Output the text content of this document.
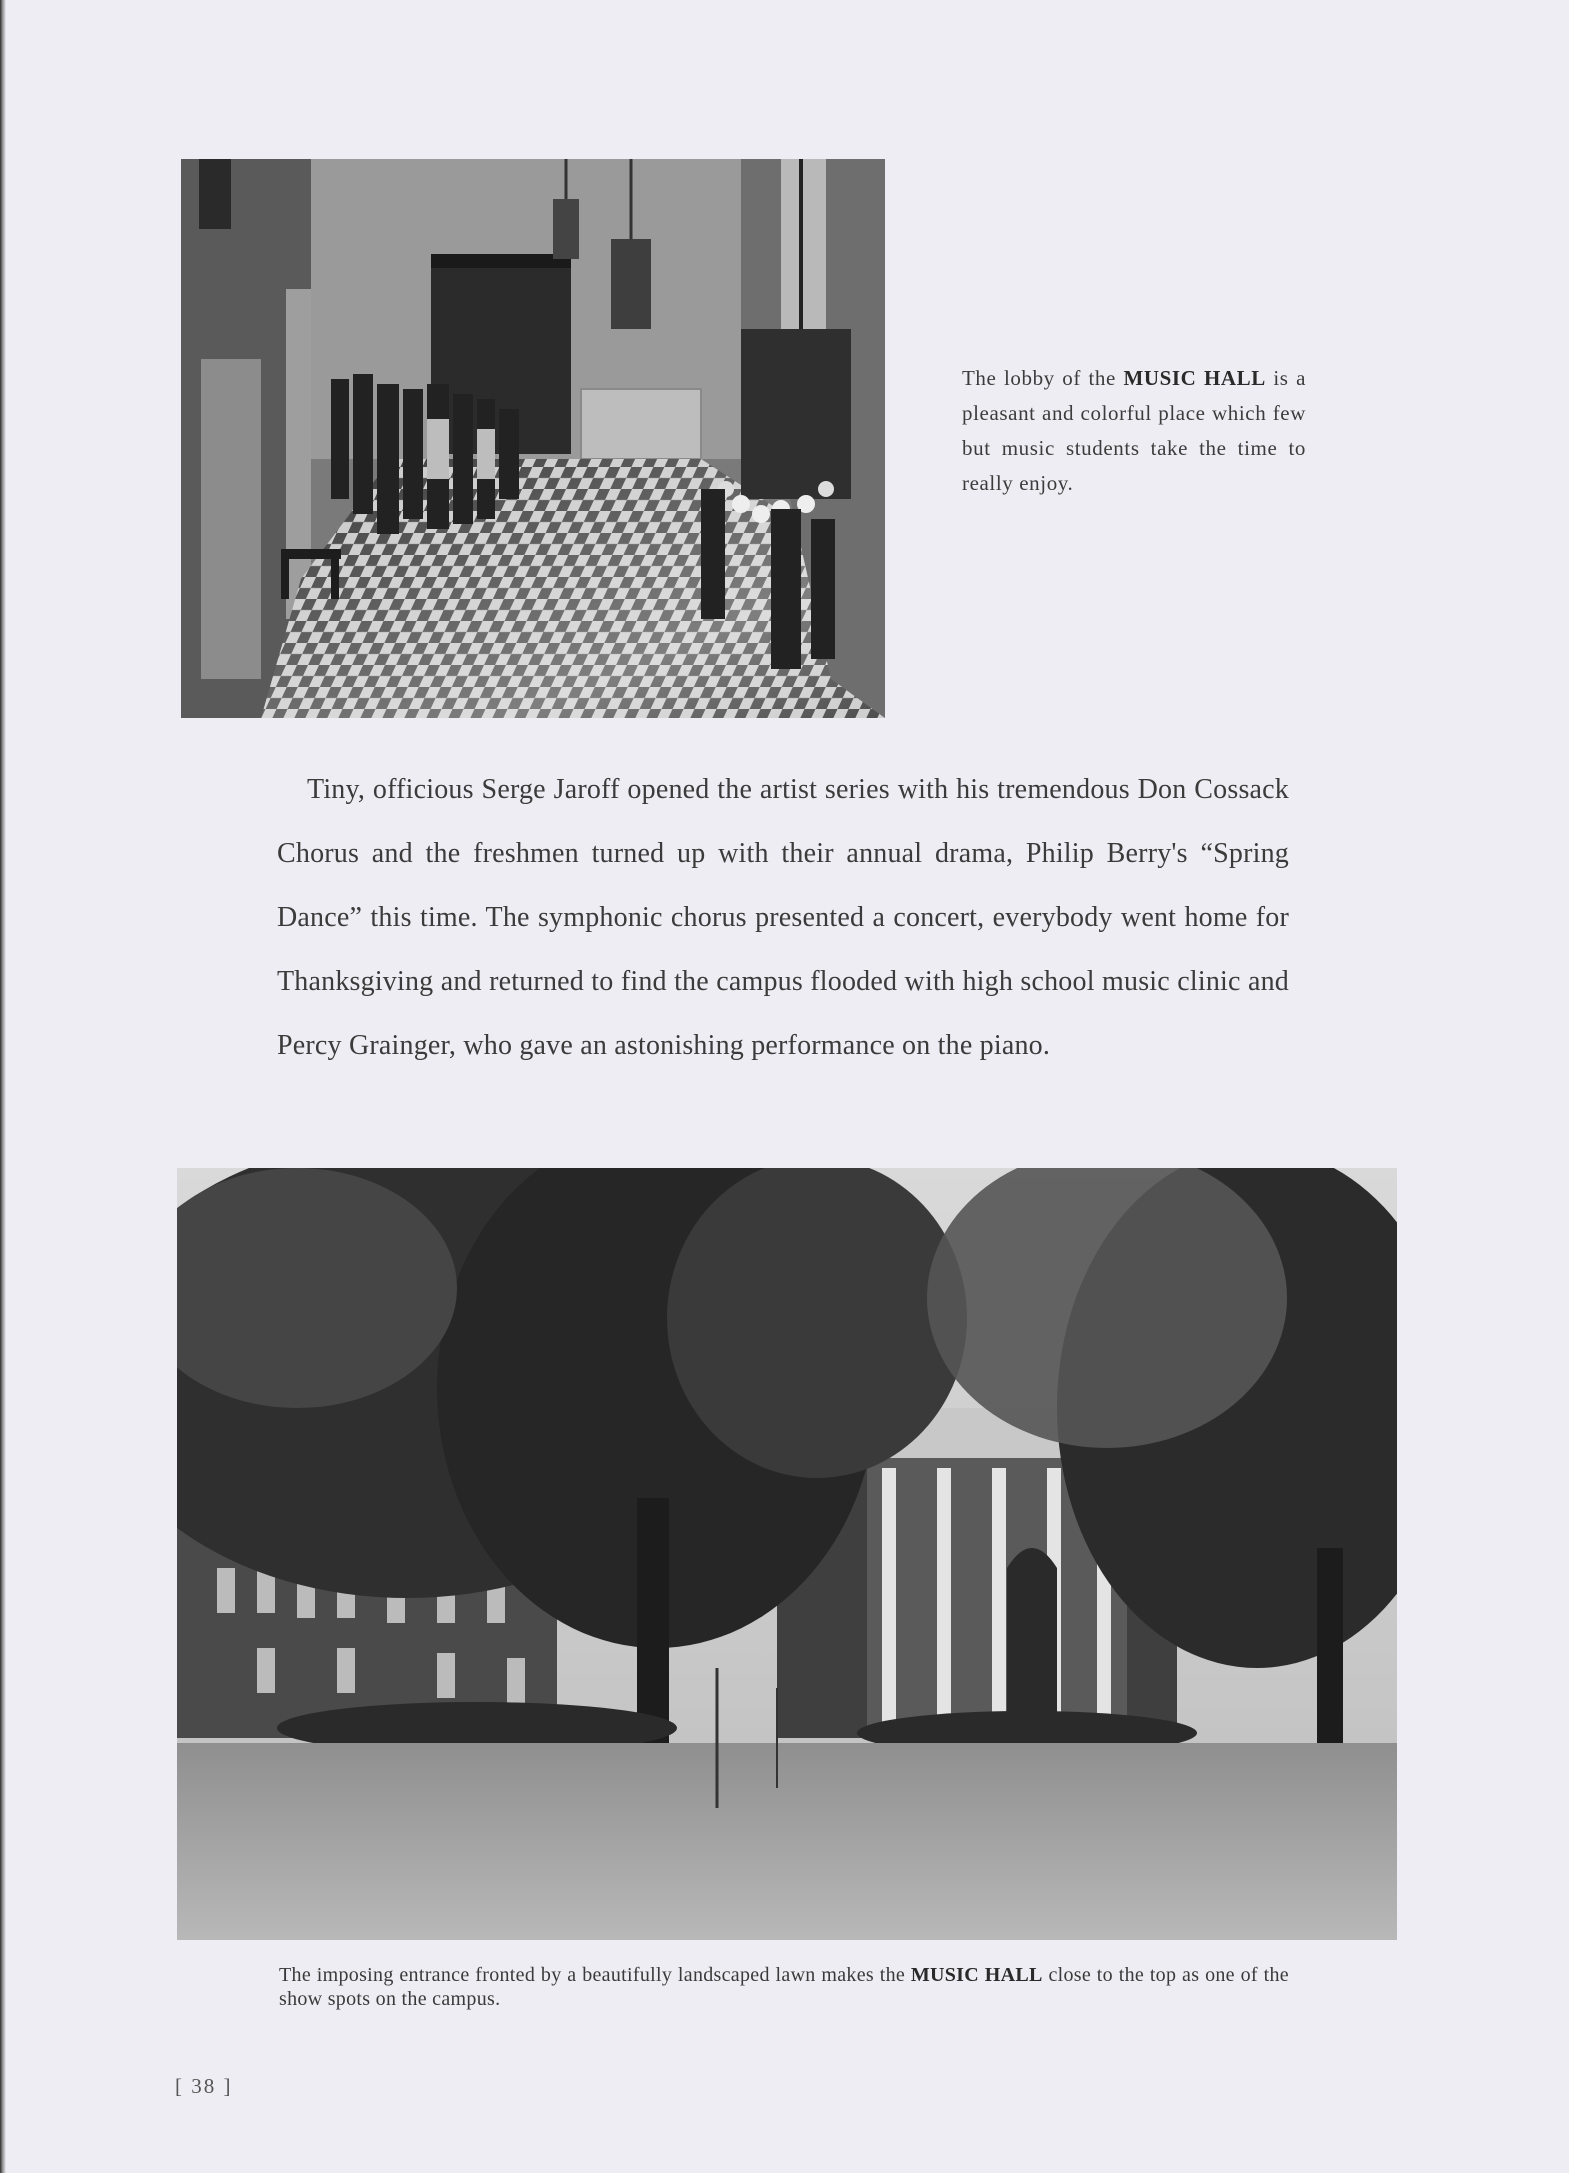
The lobby of the MUSIC HALL is a pleasant and colorful place which few but music students take the time to really enjoy.
Tiny, officious Serge Jaroff opened the artist series with his tremendous Don Cossack Chorus and the freshmen turned up with their annual drama, Philip Berry's “Spring Dance” this time. The symphonic chorus presented a concert, everybody went home for Thanksgiving and returned to find the campus flooded with high school music clinic and Percy Grainger, who gave an astonishing performance on the piano.
The imposing entrance fronted by a beautifully landscaped lawn makes the MUSIC HALL close to the top as one of the show spots on the campus.
[ 38 ]
